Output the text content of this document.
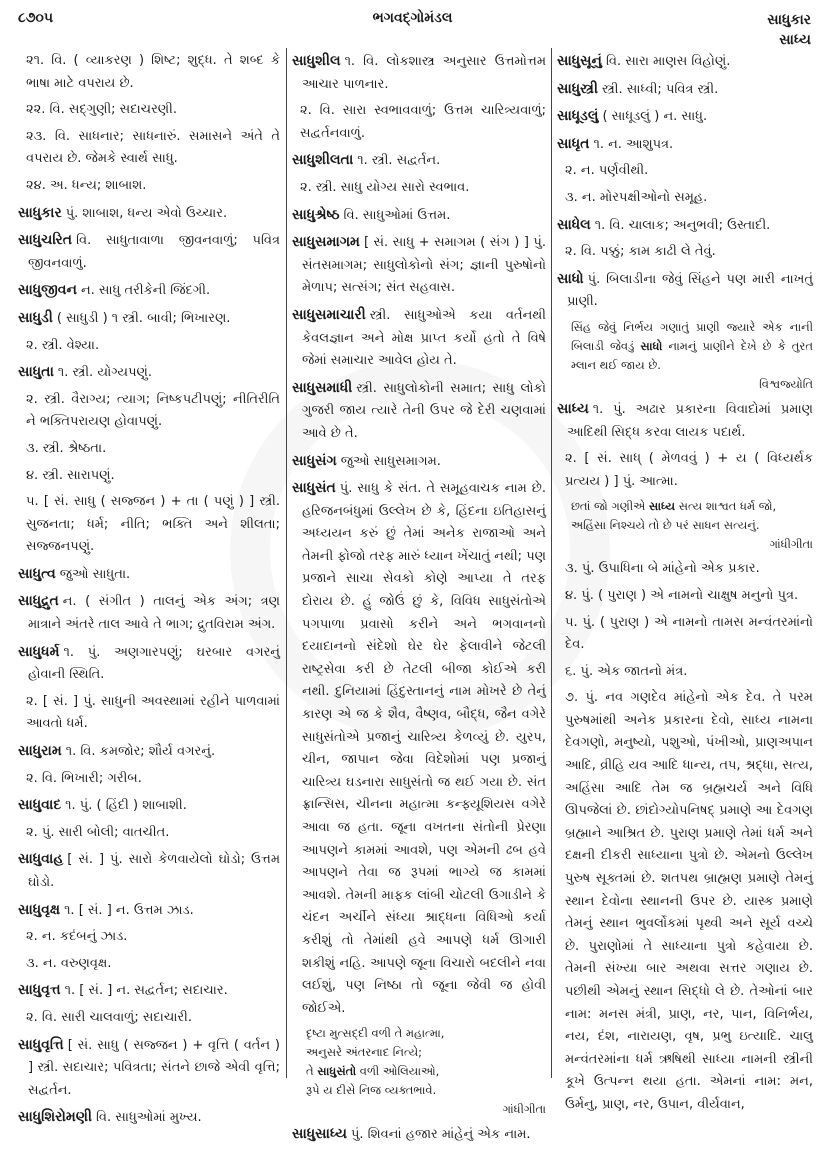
૮૭૦૫	ભગવદ્ગોમંડલ	સાધુકાર
સાધ્ય
૨૧. વિ. ( વ્યાકરણ ) શિષ્ટ; શુદ્ધ. તે શબ્દ કે ભાષા માટે વપરાય છે.
૨૨. વિ. સદ્ગુણી; સદાચરણી.
૨૩. વિ. સાધનાર; સાધનારું. સમાસને અંતે તે વપરાય છે. જેમકે સ્વાર્થ સાધુ.
૨૪. અ. ધન્ય; શાબાશ.
સાધુકાર પું. શાબાશ, ધન્ય એવો ઉચ્ચાર.
સાધુચરિત વિ. સાધુતાવાળા જીવનવાળું; પવિત્ર જીવનવાળું.
સાધુજીવન ન. સાધુ તરીકેની જિંદગી.
સાધુડી ( સાધુડી ) ૧ સ્ત્રી. બાવી; ભિખારણ.
૨. સ્ત્રી. વેશ્યા.
સાધુતા ૧. સ્ત્રી. યોગ્યપણું.
૨. સ્ત્રી. વૈરાગ્ય; ત્યાગ; નિષ્કપટીપણું; નીતિરીતિ ને ભક્તિપરાયણ હોવાપણું.
૩. સ્ત્રી. શ્રેષ્ઠતા.
૪. સ્ત્રી. સારાપણું.
૫. [ સં. સાધુ ( સજ્જન ) + તા ( પણું ) ] સ્ત્રી. સુજનતા; ધર્મ; નીતિ; ભક્તિ અને શીલતા; સજ્જનપણું.
સાધુત્વ જુઓ સાધુતા.
સાધુદ્રુત ન. ( સંગીત ) તાલનું એક અંગ; ત્રણ માત્રાને અંતરે તાલ આવે તે ભાગ; દ્રુતવિરામ અંગ.
સાધુધર્મ ૧. પું. અણગારપણું; ઘરબાર વગરનું હોવાની સ્થિતિ.
૨. [ સં. ] પું. સાધુની અવસ્થામાં રહીને પાળવામાં આવતો ધર્મ.
સાધુરામ ૧. વિ. કમજોર; શૌર્ય વગરનું.
૨. વિ. ભિખારી; ગરીબ.
સાધુવાદ ૧. પું. ( હિંદી ) શાબાશી.
૨. પું. સારી બોલી; વાતચીત.
સાધુવાહ [ સં. ] પું. સારો કેળવાયેલો ઘોડો; ઉત્તમ ઘોડો.
સાધુવૃક્ષ ૧. [ સં. ] ન. ઉત્તમ ઝાડ.
૨. ન. કદંબનું ઝાડ.
૩. ન. વરુણવૃક્ષ.
સાધુવૃત્ત ૧. [ સં. ] ન. સદ્વર્તન; સદાચાર.
૨. વિ. સારી ચાલવાળું; સદાચારી.
સાધુવૃત્તિ [ સં. સાધુ ( સજ્જન ) + વૃત્તિ ( વર્તન ) ] સ્ત્રી. સદાચાર; પવિત્રતા; સંતને છાજે એવી વૃત્તિ; સદ્વર્તન.
સાધુશિરોમણી વિ. સાધુઓમાં મુખ્ય.
સાધુશીલ ૧. વિ. લોકશાસ્ત્ર અનુસાર ઉત્તમોત્તમ આચાર પાળનાર.
૨. વિ. સારા સ્વભાવવાળું; ઉત્તમ ચારિત્ર્યવાળું; સદ્વર્તનવાળું.
સાધુશીલતા ૧. સ્ત્રી. સદ્વર્તન.
૨. સ્ત્રી. સાધુ યોગ્ય સારો સ્વભાવ.
સાધુશ્રેષ્ઠ વિ. સાધુઓમાં ઉત્તમ.
સાધુસમાગમ [ સં. સાધુ + સમાગમ ( સંગ ) ] પું. સંતસમાગમ; સાધુલોકોનો સંગ; જ્ઞાની પુરુષોનો મેળાપ; સત્સંગ; સંત સહવાસ.
સાધુસમાચારી સ્ત્રી. સાધુઓએ કયા વર્તનથી કેવલજ્ઞાન અને મોક્ષ પ્રાપ્ત કર્યો હતો તે વિષે જેમાં સમાચાર આવેલ હોય તે.
સાધુસમાધી સ્ત્રી. સાધુલોકોની સમાત; સાધુ લોકો ગુજરી જાય ત્યારે તેની ઉપર જે દેરી ચણવામાં આવે છે તે.
સાધુસંગ જુઓ સાધુસમાગમ.
સાધુસંત પું. સાધુ કે સંત. તે સમૂહવાચક નામ છે. હરિજનબંધુમાં ઉલ્લેખ છે કે, હિંદના ઇતિહાસનું અધ્યયન કરું છું તેમાં અનેક રાજાઓ અને તેમની ફોજો તરફ મારું ધ્યાન ખેંચાતું નથી; પણ પ્રજાને સાચા સેવકો કોણે આપ્યા તે તરફ દોરાય છે. હું જોઉં છું કે, વિવિધ સાધુસંતોએ પગપાળા પ્રવાસો કરીને અને ભગવાનનો દયાદાનનો સંદેશો ઘેર ઘેર ફેલાવીને જેટલી રાષ્ટ્રસેવા કરી છે તેટલી બીજા કોઈએ કરી નથી. દુનિયામાં હિંદુસ્તાનનું નામ મોખરે છે તેનું કારણ એ જ કે શૈવ, વૈષ્ણવ, બૌદ્ધ, જૈન વગેરે સાધુસંતોએ પ્રજાનું ચારિત્ર્ય કેળવ્યું છે. યુરપ, ચીન, જાપાન જેવા વિદેશોમાં પણ પ્રજાનું ચારિત્ર્ય ઘડનારા સાધુસંતો જ થઈ ગયા છે. સંત ફ્રાન્સિસ, ચીનના મહાત્મા કન્ફ્યૂશિયસ વગેરે આવા જ હતા. જૂના વખતના સંતોની પ્રેરણા આપણને કામમાં આવશે, પણ એમની ઢબ હવે આપણને તેવા જ રૂપમાં ભાગ્યે જ કામમાં આવશે. તેમની માફક લાંબી ચોટલી ઉગાડીને કે ચંદન અર્ચીને સંધ્યા શ્રાદ્ધના વિધિઓ કર્યા કરીશું તો તેમાંથી હવે આપણે ધર્મ ઊગારી શકીશું નહિ. આપણે જૂના વિચારો બદલીને નવા લઈશું, પણ નિષ્ઠા તો જૂના જેવી જ હોવી જોઈએ.
દૃષ્ટા મુત્સદ્દી વળી તે મહાત્મા,
અનુસરે અંતરનાદ નિત્યે;
તે સાધુસંતો વળી ઓલિયાઓ,
રૂપે ય દીસે નિજ વ્યક્તભાવે.
ગાંધીગીતા
સાધુસાધ્ય પું. શિવનાં હજાર માંહેનું એક નામ.
સાધુસૂનું વિ. સારા માણસ વિહોણું.
સાધુસ્ત્રી સ્ત્રી. સાધ્વી; પવિત્ર સ્ત્રી.
સાધૂડલું ( સાધૂડલું ) ન. સાધુ.
સાધૃત ૧. ન. આશુપત્ર.
૨. ન. પર્ણવીથી.
૩. ન. મોરપક્ષીઓનો સમૂહ.
સાધેલ ૧. વિ. ચાલાક; અનુભવી; ઉસ્તાદી.
૨. વિ. પક્કું; કામ કાઢી લે તેવું.
સાધો પું. બિલાડીના જેવું સિંહને પણ મારી નાખતું પ્રાણી.
સિંહ જેવું નિર્ભય ગણાતું પ્રાણી જ્યારે એક નાની બિલાડી જેવડું સાધો નામનું પ્રાણીને દેખે છે કે તુરત મ્લાન થઈ જાય છે.
વિશ્વજ્યોતિ
સાધ્ય ૧. પું. અઢાર પ્રકારના વિવાદોમાં પ્રમાણ આદિથી સિદ્ધ કરવા લાયક પદાર્થ.
૨. [ સં. સાધ્ ( મેળવવું ) + ય ( વિધ્યર્થક પ્રત્યય ) ] પું. આત્મા.
છતાં જો ગણીએ સાધ્ય સત્ય શાશ્વત ધર્મ જો,
અહિંસા નિશ્ચયે તો છે પરં સાધન સત્યનું.
ગાંધીગીતા
૩. પું. ઉપાધિના બે માંહેનો એક પ્રકાર.
૪. પું. ( પુરાણ ) એ નામનો ચાક્ષુષ મનુનો પુત્ર.
૫. પું. ( પુરાણ ) એ નામનો તામસ મન્વંતરમાંનો દેવ.
૬. પું. એક જાતનો મંત્ર.
૭. પું. નવ ગણદેવ માંહેનો એક દેવ. તે પરમ પુરુષમાંથી અનેક પ્રકારના દેવો, સાધ્ય નામના દેવગણો, મનુષ્યો, પશુઓ, પંખીઓ, પ્રાણઅપાન આદિ, વ્રીહિ યવ આદિ ધાન્ય, તપ, શ્રદ્ધા, સત્ય, અહિંસા આદિ તેમ જ બ્રહ્મચર્ય અને વિધિ ઊપજેલાં છે. છાંદોગ્યોપનિષદ્ પ્રમાણે આ દેવગણ બ્રહ્માને આશ્રિત છે. પુરાણ પ્રમાણે તેમાં ધર્મ અને દક્ષની દીકરી સાધ્યાના પુત્રો છે. એમનો ઉલ્લેખ પુરુષ સૂક્તમાં છે. શતપથ બ્રાહ્મણ પ્રમાણે તેમનું સ્થાન દેવોના સ્થાનની ઉપર છે. યાસ્ક પ્રમાણે તેમનું સ્થાન ભુવર્લોકમાં પૃથ્વી અને સૂર્ય વચ્ચે છે. પુરાણોમાં તે સાધ્યાના પુત્રો કહેવાયા છે. તેમની સંખ્યા બાર અથવા સત્તર ગણાય છે. પછીથી એમનું સ્થાન સિદ્ધો લે છે. તેઓનાં બાર નામ: મનસ મંત્રી, પ્રાણ, નર, પાન, વિનિર્ભય, નય, દંશ, નારાયણ, વૃષ, પ્રભુ ઇત્યાદિ. ચાલુ મન્વંતરમાંના ધર્મ ઋષિથી સાધ્યા નામની સ્ત્રીની કૂખે ઉત્પન્ન થયા હતા. એમનાં નામ: મન, ઉર્મનુ, પ્રાણ, નર, ઉપાન, વીર્યવાન,
